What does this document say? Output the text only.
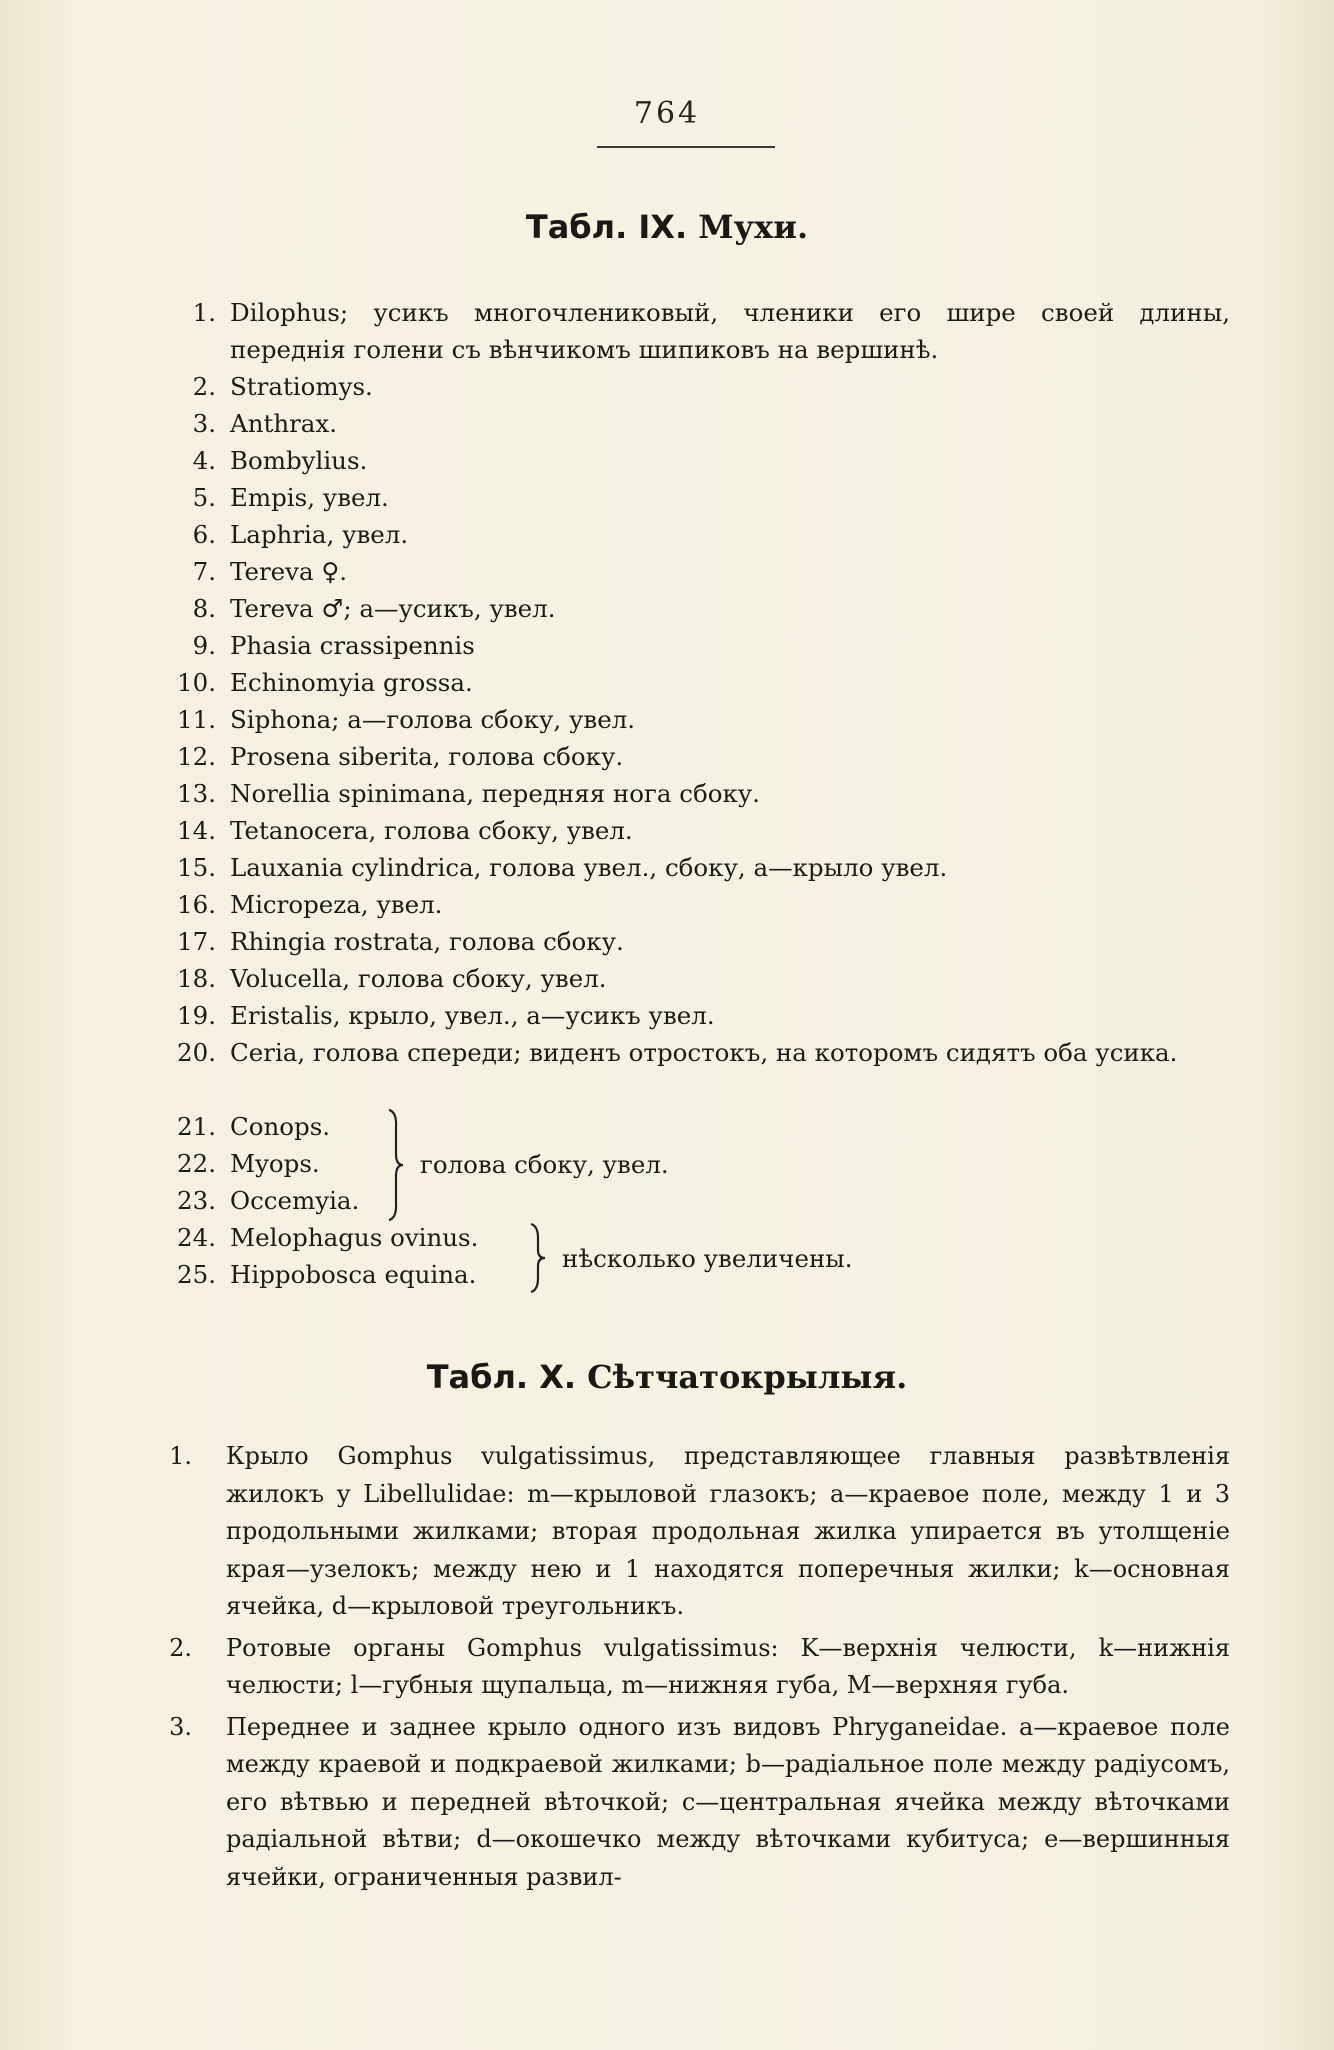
764
Табл. IX. Мухи.
1. Dilophus; усикъ многочлениковый, членики его шире своей длины, переднія голени съ вѣнчикомъ шипиковъ на вершинѣ.
2. Stratiomys.
3. Anthrax.
4. Bombylius.
5. Empis, увел.
6. Laphria, увел.
7. Tereva ♀.
8. Tereva ♂; a—усикъ, увел.
9. Phasia crassipennis
10. Echinomyia grossa.
11. Siphona; a—голова сбоку, увел.
12. Prosena siberita, голова сбоку.
13. Norellia spinimana, передняя нога сбоку.
14. Tetanocera, голова сбоку, увел.
15. Lauxania cylindrica, голова увел., сбоку, a—крыло увел.
16. Micropeza, увел.
17. Rhingia rostrata, голова сбоку.
18. Volucella, голова сбоку, увел.
19. Eristalis, крыло, увел., a—усикъ увел.
20. Ceria, голова спереди; виденъ отростокъ, на которомъ сидятъ оба усика.
21. Conops.
22. Myops.
23. Occemyia.
24. Melophagus ovinus.
25. Hippobosca equina.
голова сбоку, увел.
нѣсколько увеличены.
Табл. X. Сѣтчатокрылыя.
1. Крыло Gomphus vulgatissimus, представляющее главныя развѣтвленія жилокъ у Libellulidae: m—крыловой глазокъ; a—краевое поле, между 1 и 3 продольными жилками; вторая продольная жилка упирается въ утолщеніе края—узелокъ; между нею и 1 находятся поперечныя жилки; k—основная ячейка, d—крыловой треугольникъ.
2. Ротовые органы Gomphus vulgatissimus: K—верхнія челюсти, k—нижнія челюсти; l—губныя щупальца, m—нижняя губа, M—верхняя губа.
3. Переднее и заднее крыло одного изъ видовъ Phryganeidae. a—краевое поле между краевой и подкраевой жилками; b—радіальное поле между радіусомъ, его вѣтвью и передней вѣточкой; c—центральная ячейка между вѣточками радіальной вѣтви; d—окошечко между вѣточками кубитуса; e—вершинныя ячейки, ограниченныя развил-
